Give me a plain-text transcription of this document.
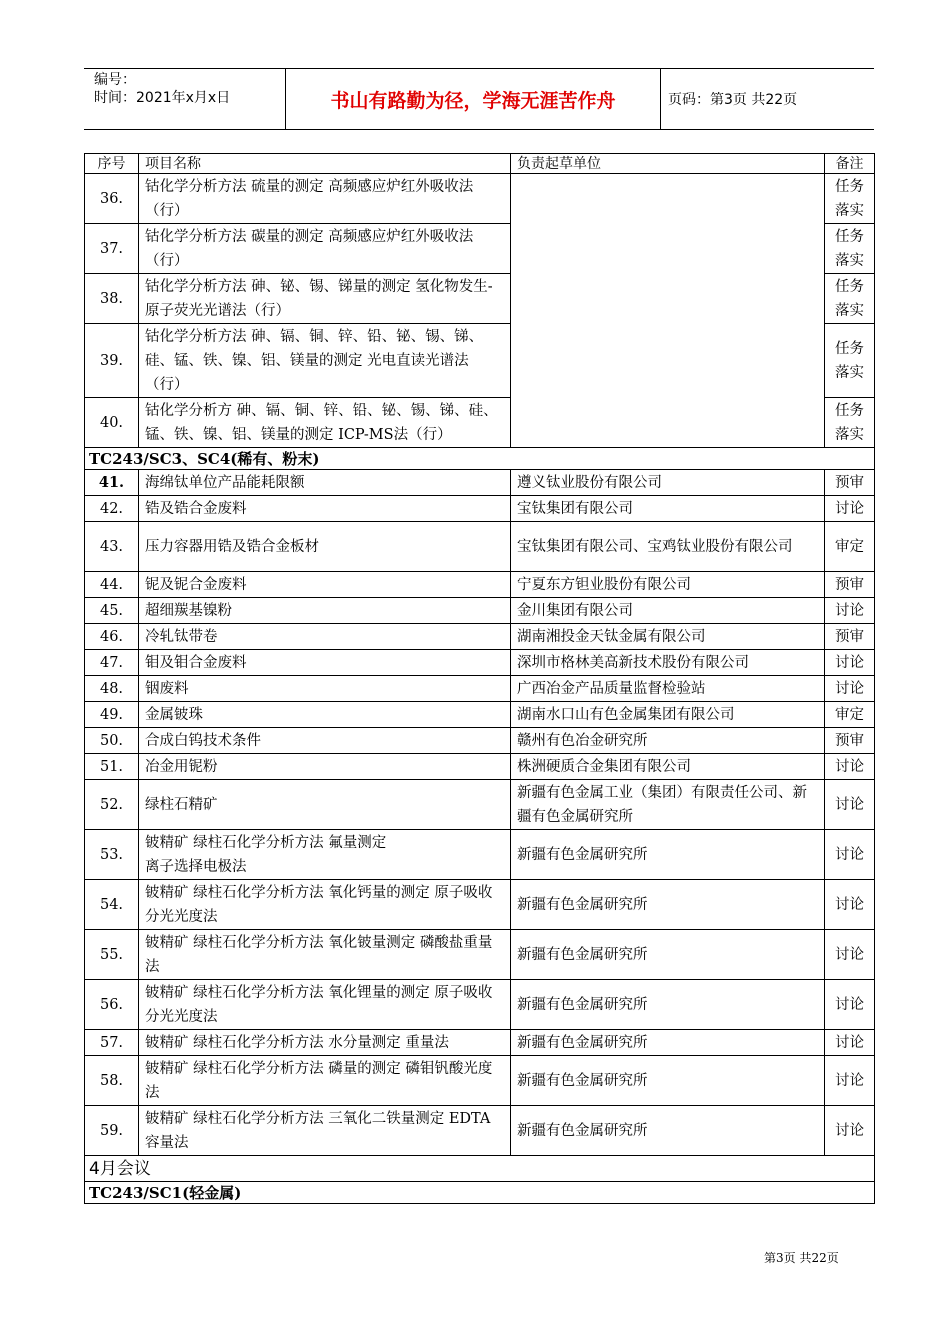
编号：
时间：2021年x月x日	书山有路勤为径，学海无涯苦作舟	页码：第3页 共22页
序号	项目名称	负责起草单位	备注
36.	钴化学分析方法 硫量的测定 高频感应炉红外吸收法（行）		任务落实
37.	钴化学分析方法 碳量的测定 高频感应炉红外吸收法（行）		任务落实
38.	钴化学分析方法 砷、铋、锡、锑量的测定 氢化物发生-原子荧光光谱法（行）		任务落实
39.	钴化学分析方法 砷、镉、铜、锌、铅、铋、锡、锑、硅、锰、铁、镍、铝、镁量的测定 光电直读光谱法（行）		任务落实
40.	钴化学分析方 砷、镉、铜、锌、铅、铋、锡、锑、硅、锰、铁、镍、铝、镁量的测定 ICP-MS法（行）		任务落实
TC243/SC3、SC4(稀有、粉末)			
41.	海绵钛单位产品能耗限额	遵义钛业股份有限公司	预审
42.	锆及锆合金废料	宝钛集团有限公司	讨论
43.	压力容器用锆及锆合金板材	宝钛集团有限公司、宝鸡钛业股份有限公司	审定
44.	铌及铌合金废料	宁夏东方钽业股份有限公司	预审
45.	超细羰基镍粉	金川集团有限公司	讨论
46.	冷轧钛带卷	湖南湘投金天钛金属有限公司	预审
47.	钼及钼合金废料	深圳市格林美高新技术股份有限公司	讨论
48.	铟废料	广西冶金产品质量监督检验站	讨论
49.	金属铍珠	湖南水口山有色金属集团有限公司	审定
50.	合成白钨技术条件	赣州有色冶金研究所	预审
51.	冶金用铌粉	株洲硬质合金集团有限公司	讨论
52.	绿柱石精矿	新疆有色金属工业（集团）有限责任公司、新疆有色金属研究所	讨论
53.	铍精矿 绿柱石化学分析方法 氟量测定
离子选择电极法	新疆有色金属研究所	讨论
54.	铍精矿 绿柱石化学分析方法 氧化钙量的测定 原子吸收分光光度法	新疆有色金属研究所	讨论
55.	铍精矿 绿柱石化学分析方法 氧化铍量测定 磷酸盐重量法	新疆有色金属研究所	讨论
56.	铍精矿 绿柱石化学分析方法 氧化锂量的测定 原子吸收分光光度法	新疆有色金属研究所	讨论
57.	铍精矿 绿柱石化学分析方法 水分量测定 重量法	新疆有色金属研究所	讨论
58.	铍精矿 绿柱石化学分析方法 磷量的测定 磷钼钒酸光度法	新疆有色金属研究所	讨论
59.	铍精矿 绿柱石化学分析方法 三氧化二铁量测定 EDTA容量法	新疆有色金属研究所	讨论
4月会议			
TC243/SC1(轻金属)			
第3页 共22页
